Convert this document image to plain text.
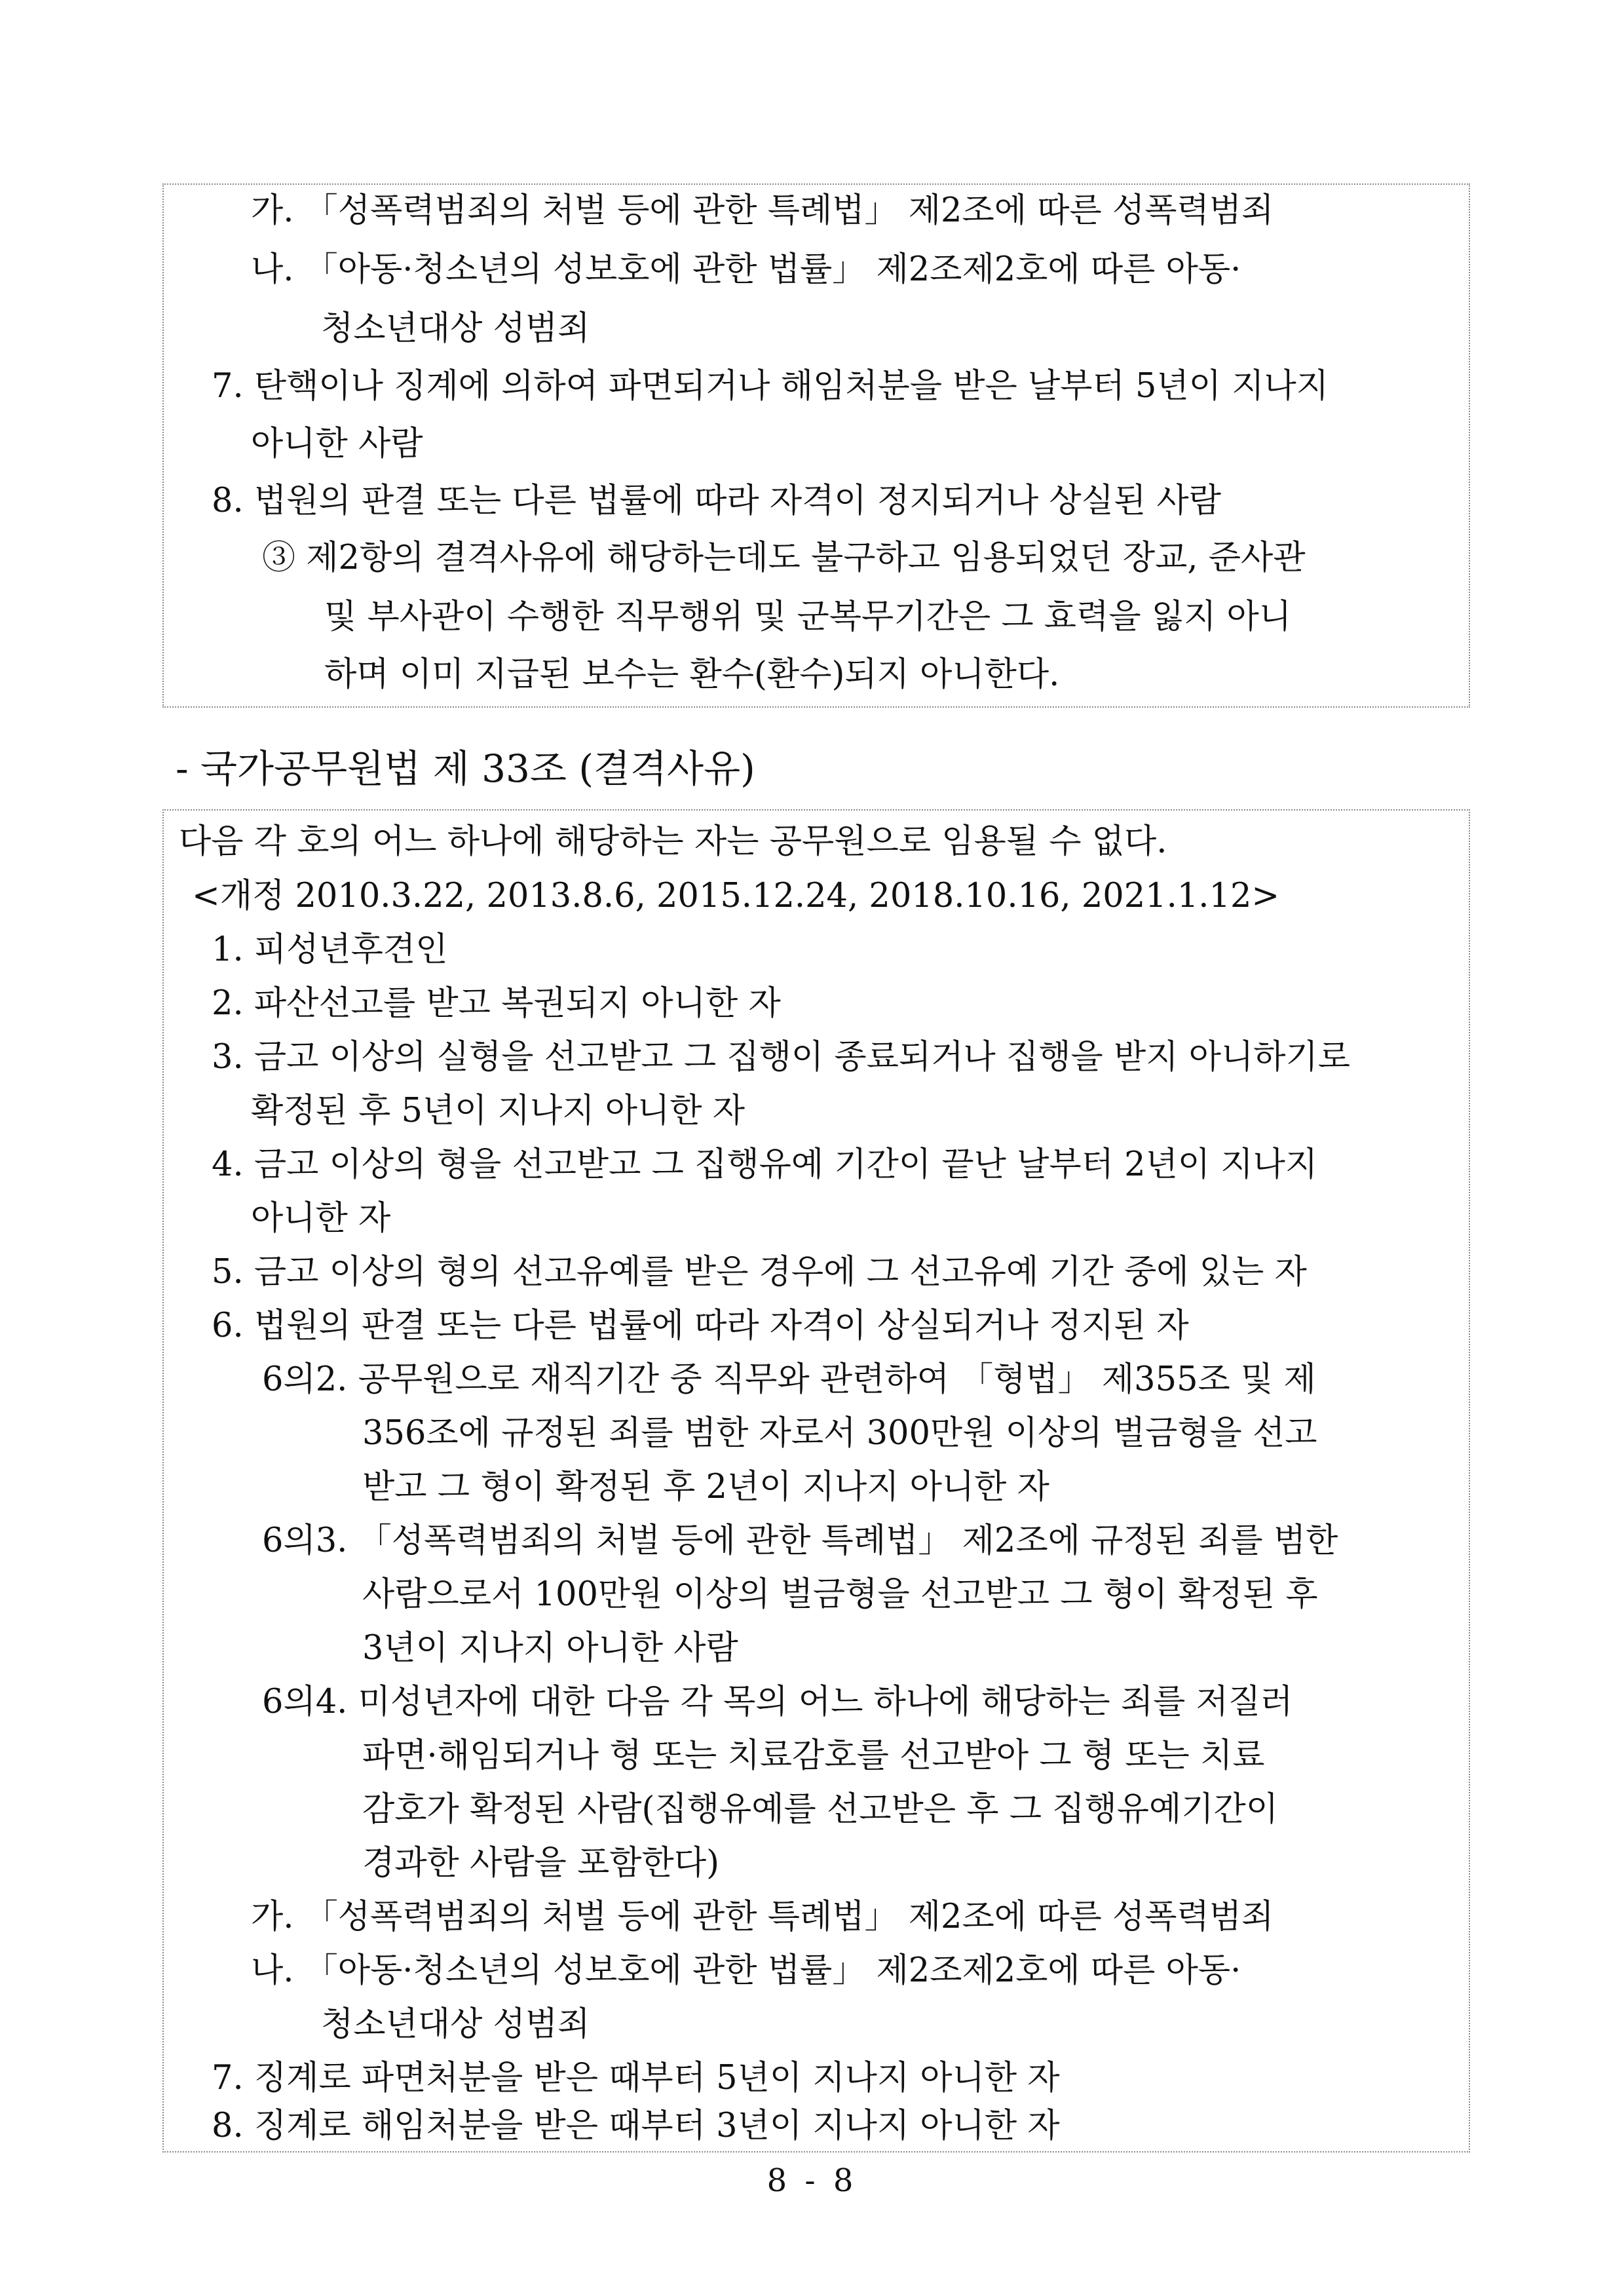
가. 「성폭력범죄의 처벌 등에 관한 특례법」 제2조에 따른 성폭력범죄
나. 「아동·청소년의 성보호에 관한 법률」 제2조제2호에 따른 아동·
청소년대상 성범죄
7. 탄핵이나 징계에 의하여 파면되거나 해임처분을 받은 날부터 5년이 지나지
아니한 사람
8. 법원의 판결 또는 다른 법률에 따라 자격이 정지되거나 상실된 사람
③ 제2항의 결격사유에 해당하는데도 불구하고 임용되었던 장교, 준사관
및 부사관이 수행한 직무행위 및 군복무기간은 그 효력을 잃지 아니
하며 이미 지급된 보수는 환수(환수)되지 아니한다.
- 국가공무원법 제 33조 (결격사유)
다음 각 호의 어느 하나에 해당하는 자는 공무원으로 임용될 수 없다.
<개정 2010.3.22, 2013.8.6, 2015.12.24, 2018.10.16, 2021.1.12>
1. 피성년후견인
2. 파산선고를 받고 복권되지 아니한 자
3. 금고 이상의 실형을 선고받고 그 집행이 종료되거나 집행을 받지 아니하기로
확정된 후 5년이 지나지 아니한 자
4. 금고 이상의 형을 선고받고 그 집행유예 기간이 끝난 날부터 2년이 지나지
아니한 자
5. 금고 이상의 형의 선고유예를 받은 경우에 그 선고유예 기간 중에 있는 자
6. 법원의 판결 또는 다른 법률에 따라 자격이 상실되거나 정지된 자
6의2. 공무원으로 재직기간 중 직무와 관련하여 「형법」 제355조 및 제
356조에 규정된 죄를 범한 자로서 300만원 이상의 벌금형을 선고
받고 그 형이 확정된 후 2년이 지나지 아니한 자
6의3. 「성폭력범죄의 처벌 등에 관한 특례법」 제2조에 규정된 죄를 범한
사람으로서 100만원 이상의 벌금형을 선고받고 그 형이 확정된 후
3년이 지나지 아니한 사람
6의4. 미성년자에 대한 다음 각 목의 어느 하나에 해당하는 죄를 저질러
파면·해임되거나 형 또는 치료감호를 선고받아 그 형 또는 치료
감호가 확정된 사람(집행유예를 선고받은 후 그 집행유예기간이
경과한 사람을 포함한다)
가. 「성폭력범죄의 처벌 등에 관한 특례법」 제2조에 따른 성폭력범죄
나. 「아동·청소년의 성보호에 관한 법률」 제2조제2호에 따른 아동·
청소년대상 성범죄
7. 징계로 파면처분을 받은 때부터 5년이 지나지 아니한 자
8. 징계로 해임처분을 받은 때부터 3년이 지나지 아니한 자
8 - 8
